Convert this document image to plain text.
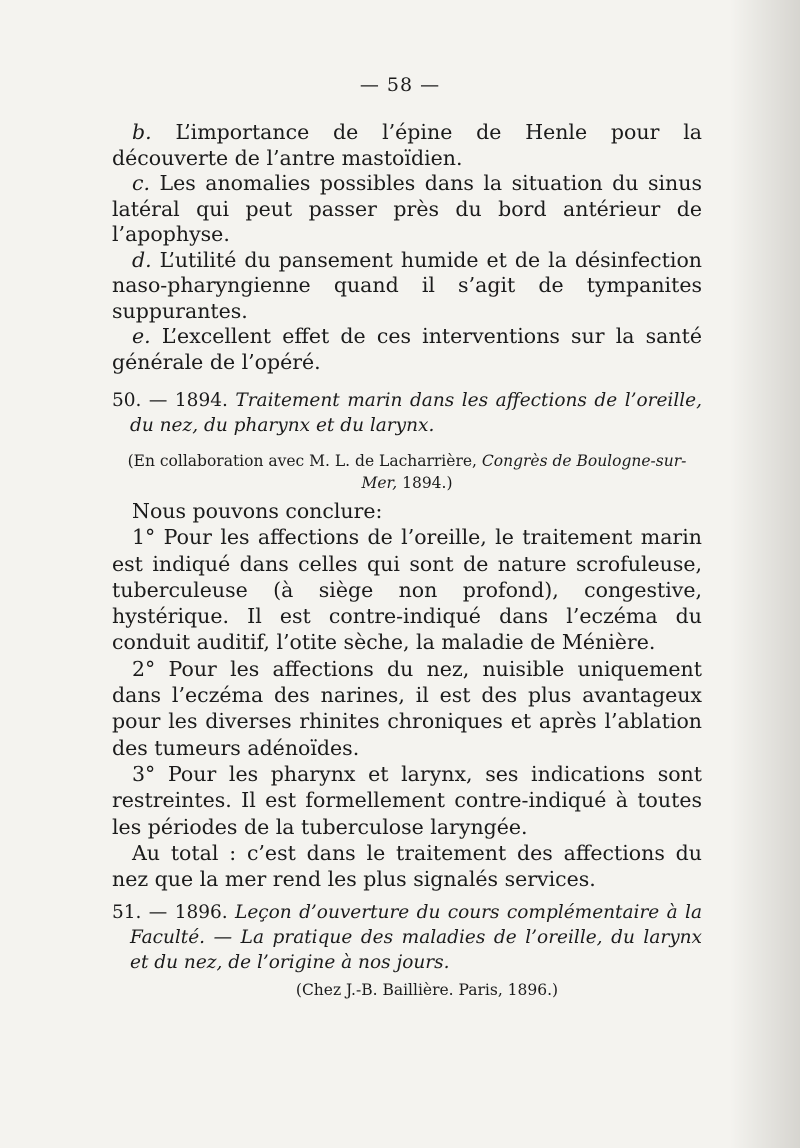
— 58 —
b. L’importance de l’épine de Henle pour la découverte de l’antre mastoïdien.
c. Les anomalies possibles dans la situation du sinus latéral qui peut passer près du bord antérieur de l’apophyse.
d. L’utilité du pansement humide et de la désinfection naso-pharyngienne quand il s’agit de tympanites suppurantes.
e. L’excellent effet de ces interventions sur la santé générale de l’opéré.
50. — 1894. Traitement marin dans les affections de l’oreille, du nez, du pharynx et du larynx.
(En collaboration avec M. L. de Lacharrière, Congrès de Boulogne-sur-Mer, 1894.)
Nous pouvons conclure:
1° Pour les affections de l’oreille, le traitement marin est indiqué dans celles qui sont de nature scrofuleuse, tuberculeuse (à siège non profond), congestive, hystérique. Il est contre-indiqué dans l’eczéma du conduit auditif, l’otite sèche, la maladie de Ménière.
2° Pour les affections du nez, nuisible uniquement dans l’eczéma des narines, il est des plus avantageux pour les diverses rhinites chroniques et après l’ablation des tumeurs adénoïdes.
3° Pour les pharynx et larynx, ses indications sont restreintes. Il est formellement contre-indiqué à toutes les périodes de la tuberculose laryngée.
Au total : c’est dans le traitement des affections du nez que la mer rend les plus signalés services.
51. — 1896. Leçon d’ouverture du cours complémentaire à la Faculté. — La pratique des maladies de l’oreille, du larynx et du nez, de l’origine à nos jours.
(Chez J.-B. Baillière. Paris, 1896.)
